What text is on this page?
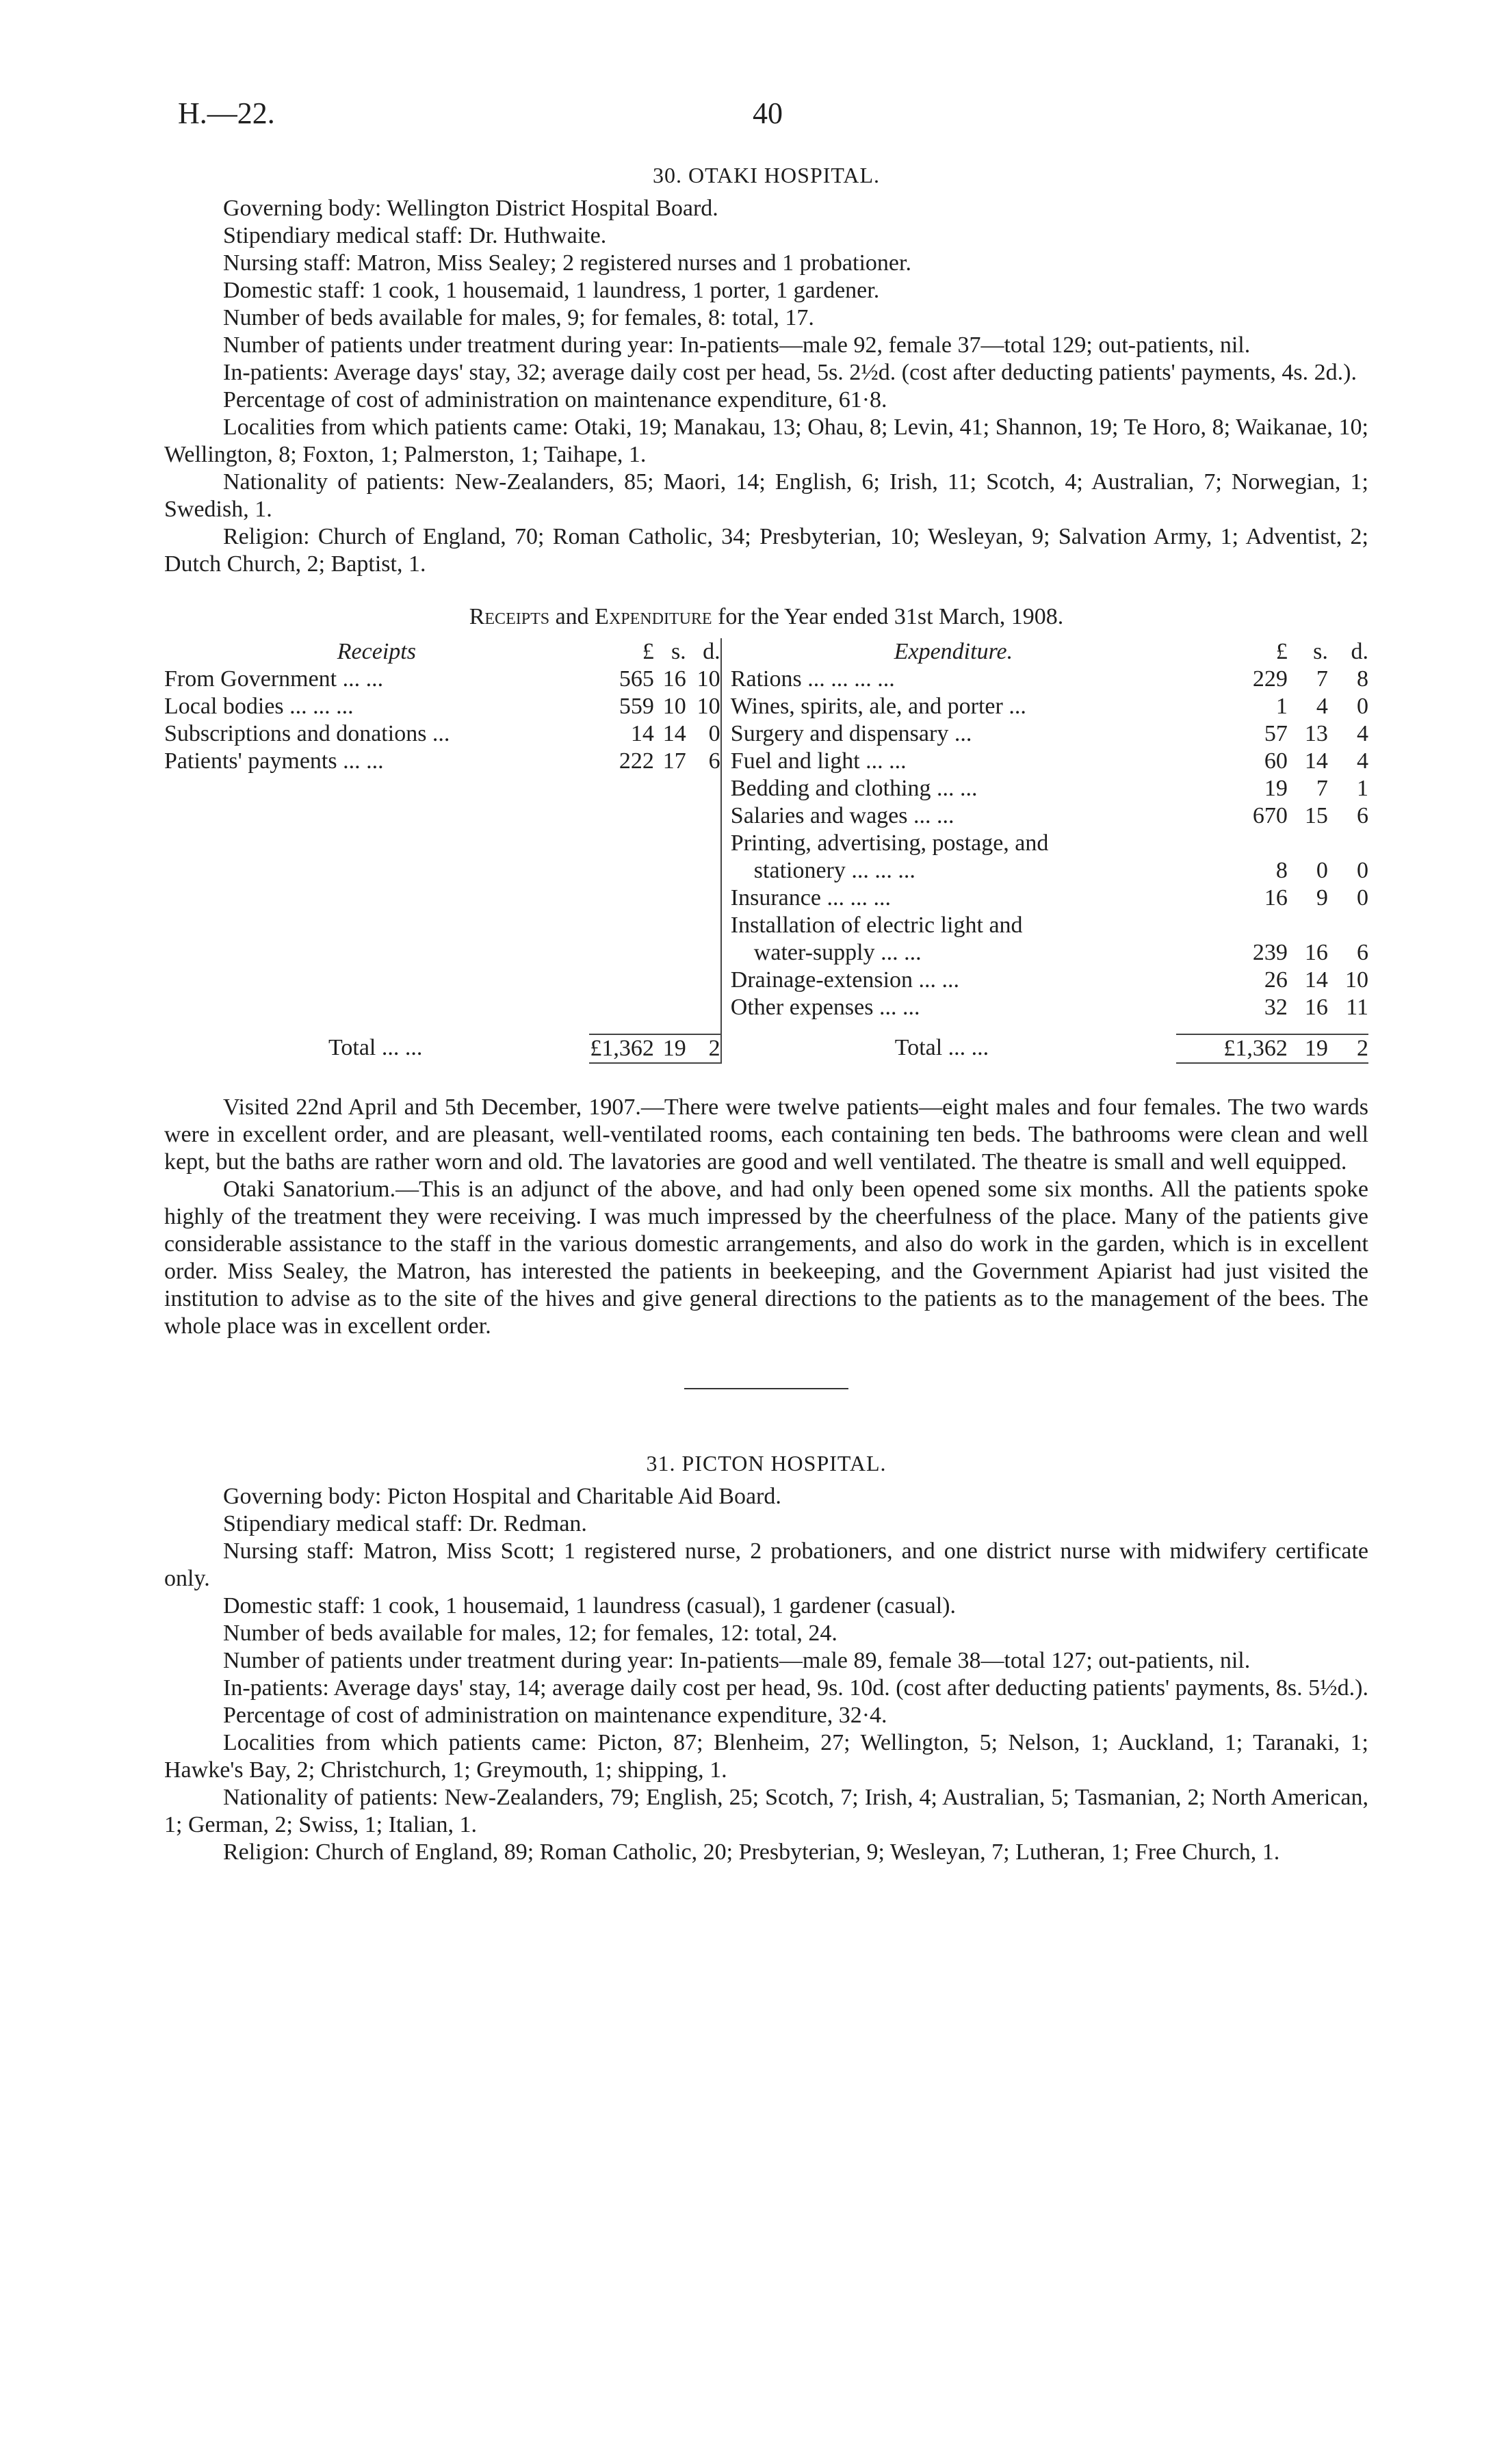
H.—22.	40
30. OTAKI HOSPITAL.

Governing body: Wellington District Hospital Board.

Stipendiary medical staff: Dr. Huthwaite.

Nursing staff: Matron, Miss Sealey; 2 registered nurses and 1 probationer.

Domestic staff: 1 cook, 1 housemaid, 1 laundress, 1 porter, 1 gardener.

Number of beds available for males, 9; for females, 8: total, 17.

Number of patients under treatment during year: In-patients—male 92, female 37—total 129; out-patients, nil.

In-patients: Average days' stay, 32; average daily cost per head, 5s. 2½d. (cost after deducting patients' payments, 4s. 2d.).

Percentage of cost of administration on maintenance expenditure, 61·8.

Localities from which patients came: Otaki, 19; Manakau, 13; Ohau, 8; Levin, 41; Shannon, 19; Te Horo, 8; Waikanae, 10; Wellington, 8; Foxton, 1; Palmerston, 1; Taihape, 1.

Nationality of patients: New-Zealanders, 85; Maori, 14; English, 6; Irish, 11; Scotch, 4; Australian, 7; Norwegian, 1; Swedish, 1.

Religion: Church of England, 70; Roman Catholic, 34; Presbyterian, 10; Wesleyan, 9; Salvation Army, 1; Adventist, 2; Dutch Church, 2; Baptist, 1.

Receipts and Expenditure for the Year ended 31st March, 1908.
Receipts	£	s.	d.		Expenditure.	£	s.	d.
From Government ... ...	565	16	10		Rations ... ... ... ...	229	7	8
Local bodies ... ... ...	559	10	10		Wines, spirits, ale, and porter ...	1	4	0
Subscriptions and donations ...	14	14	0		Surgery and dispensary ...	57	13	4
Patients' payments ... ...	222	17	6		Fuel and light ... ...	60	14	4
					Bedding and clothing ... ...	19	7	1
					Salaries and wages ... ...	670	15	6
					Printing, advertising, postage, and			
					stationery ... ... ...	8	0	0
					Insurance ... ... ...	16	9	0
					Installation of electric light and			
					water-supply ... ...	239	16	6
					Drainage-extension ... ...	26	14	10
					Other expenses ... ...	32	16	11

Total ... ...	£1,362	19	2		Total ... ...	£1,362	19	2

Visited 22nd April and 5th December, 1907.—There were twelve patients—eight males and four females. The two wards were in excellent order, and are pleasant, well-ventilated rooms, each containing ten beds. The bathrooms were clean and well kept, but the baths are rather worn and old. The lavatories are good and well ventilated. The theatre is small and well equipped.

Otaki Sanatorium.—This is an adjunct of the above, and had only been opened some six months. All the patients spoke highly of the treatment they were receiving. I was much impressed by the cheerfulness of the place. Many of the patients give considerable assistance to the staff in the various domestic arrangements, and also do work in the garden, which is in excellent order. Miss Sealey, the Matron, has interested the patients in beekeeping, and the Government Apiarist had just visited the institution to advise as to the site of the hives and give general directions to the patients as to the management of the bees. The whole place was in excellent order.

31. PICTON HOSPITAL.

Governing body: Picton Hospital and Charitable Aid Board.

Stipendiary medical staff: Dr. Redman.

Nursing staff: Matron, Miss Scott; 1 registered nurse, 2 probationers, and one district nurse with midwifery certificate only.

Domestic staff: 1 cook, 1 housemaid, 1 laundress (casual), 1 gardener (casual).

Number of beds available for males, 12; for females, 12: total, 24.

Number of patients under treatment during year: In-patients—male 89, female 38—total 127; out-patients, nil.

In-patients: Average days' stay, 14; average daily cost per head, 9s. 10d. (cost after deducting patients' payments, 8s. 5½d.).

Percentage of cost of administration on maintenance expenditure, 32·4.

Localities from which patients came: Picton, 87; Blenheim, 27; Wellington, 5; Nelson, 1; Auckland, 1; Taranaki, 1; Hawke's Bay, 2; Christchurch, 1; Greymouth, 1; shipping, 1.

Nationality of patients: New-Zealanders, 79; English, 25; Scotch, 7; Irish, 4; Australian, 5; Tasmanian, 2; North American, 1; German, 2; Swiss, 1; Italian, 1.

Religion: Church of England, 89; Roman Catholic, 20; Presbyterian, 9; Wesleyan, 7; Lutheran, 1; Free Church, 1.
